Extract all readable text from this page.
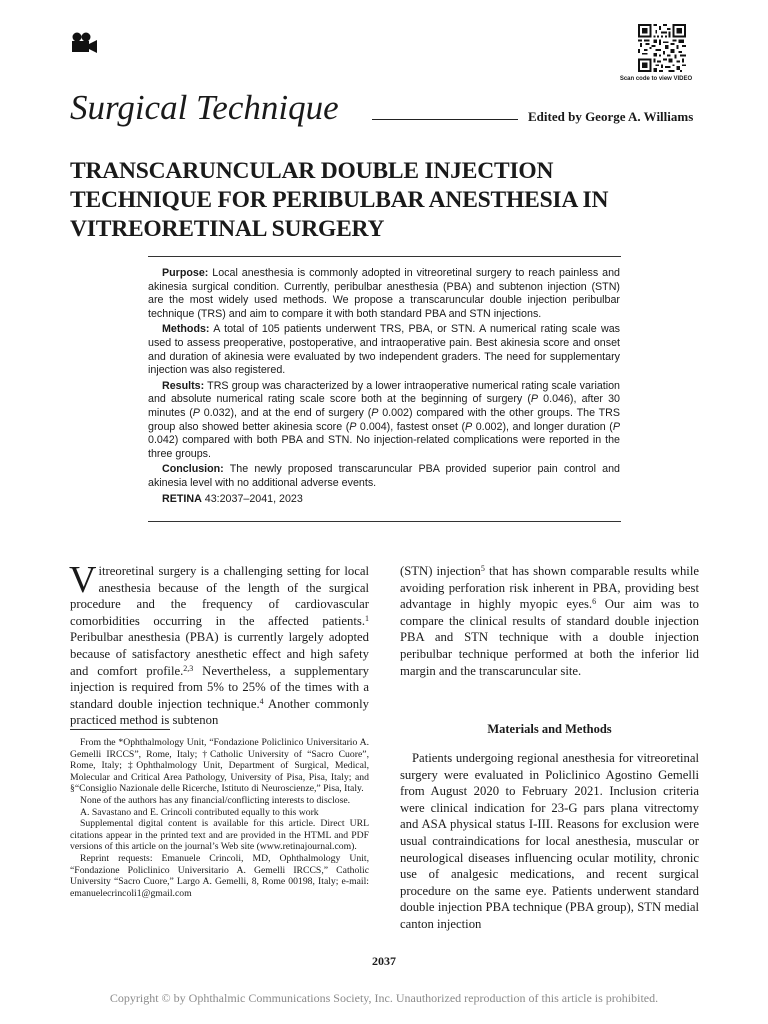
Scan code to view VIDEO
Surgical Technique	Edited by George A. Williams
TRANSCARUNCULAR DOUBLE INJECTION TECHNIQUE FOR PERIBULBAR ANESTHESIA IN VITREORETINAL SURGERY

Purpose: Local anesthesia is commonly adopted in vitreoretinal surgery to reach painless and akinesia surgical condition. Currently, peribulbar anesthesia (PBA) and subtenon injection (STN) are the most widely used methods. We propose a transcaruncular double injection peribulbar technique (TRS) and aim to compare it with both standard PBA and STN injections.

Methods: A total of 105 patients underwent TRS, PBA, or STN. A numerical rating scale was used to assess preoperative, postoperative, and intraoperative pain. Best akinesia score and onset and duration of akinesia were evaluated by two independent graders. The need for supplementary injection was also registered.

Results: TRS group was characterized by a lower intraoperative numerical rating scale variation and absolute numerical rating scale score both at the beginning of surgery (P 0.046), after 30 minutes (P 0.032), and at the end of surgery (P 0.002) compared with the other groups. The TRS group also showed better akinesia score (P 0.004), fastest onset (P 0.002), and longer duration (P 0.042) compared with both PBA and STN. No injection-related complications were reported in the three groups.

Conclusion: The newly proposed transcaruncular PBA provided superior pain control and akinesia level with no additional adverse events.

RETINA 43:2037–2041, 2023

Vitreoretinal surgery is a challenging setting for local anesthesia because of the length of the surgical procedure and the frequency of cardiovascular comorbidities occurring in the affected patients.$^1$ Peribulbar anesthesia (PBA) is currently largely adopted because of satisfactory anesthetic effect and high safety and comfort profile.$^{2,3}$ Nevertheless, a supplementary injection is required from 5% to 25% of the times with a standard double injection technique.$^4$ Another commonly practiced method is subtenon

From the *Ophthalmology Unit, “Fondazione Policlinico Universitario A. Gemelli IRCCS”, Rome, Italy; †Catholic University of “Sacro Cuore”, Rome, Italy; ‡Ophthalmology Unit, Department of Surgical, Medical, Molecular and Critical Area Pathology, University of Pisa, Pisa, Italy; and §“Consiglio Nazionale delle Ricerche, Istituto di Neuroscienze,” Pisa, Italy.

None of the authors has any financial/conflicting interests to disclose.

A. Savastano and E. Crincoli contributed equally to this work

Supplemental digital content is available for this article. Direct URL citations appear in the printed text and are provided in the HTML and PDF versions of this article on the journal’s Web site (www.retinajournal.com).

Reprint requests: Emanuele Crincoli, MD, Ophthalmology Unit, “Fondazione Policlinico Universitario A. Gemelli IRCCS,” Catholic University “Sacro Cuore,” Largo A. Gemelli, 8, Rome 00198, Italy; e-mail: emanuelecrincoli1@gmail.com

(STN) injection$^5$ that has shown comparable results while avoiding perforation risk inherent in PBA, providing best advantage in highly myopic eyes.$^6$ Our aim was to compare the clinical results of standard double injection PBA and STN technique with a double injection peribulbar technique performed at both the inferior lid margin and the transcaruncular site.
Materials and Methods
Patients undergoing regional anesthesia for vitreoretinal surgery were evaluated in Policlinico Agostino Gemelli from August 2020 to February 2021. Inclusion criteria were clinical indication for 23-G pars plana vitrectomy and ASA physical status I-III. Reasons for exclusion were usual contraindications for local anesthesia, muscular or neurological diseases influencing ocular motility, chronic use of analgesic medications, and recent surgical procedure on the same eye. Patients underwent standard double injection PBA technique (PBA group), STN medial canton injection
2037
Copyright © by Ophthalmic Communications Society, Inc. Unauthorized reproduction of this article is prohibited.
